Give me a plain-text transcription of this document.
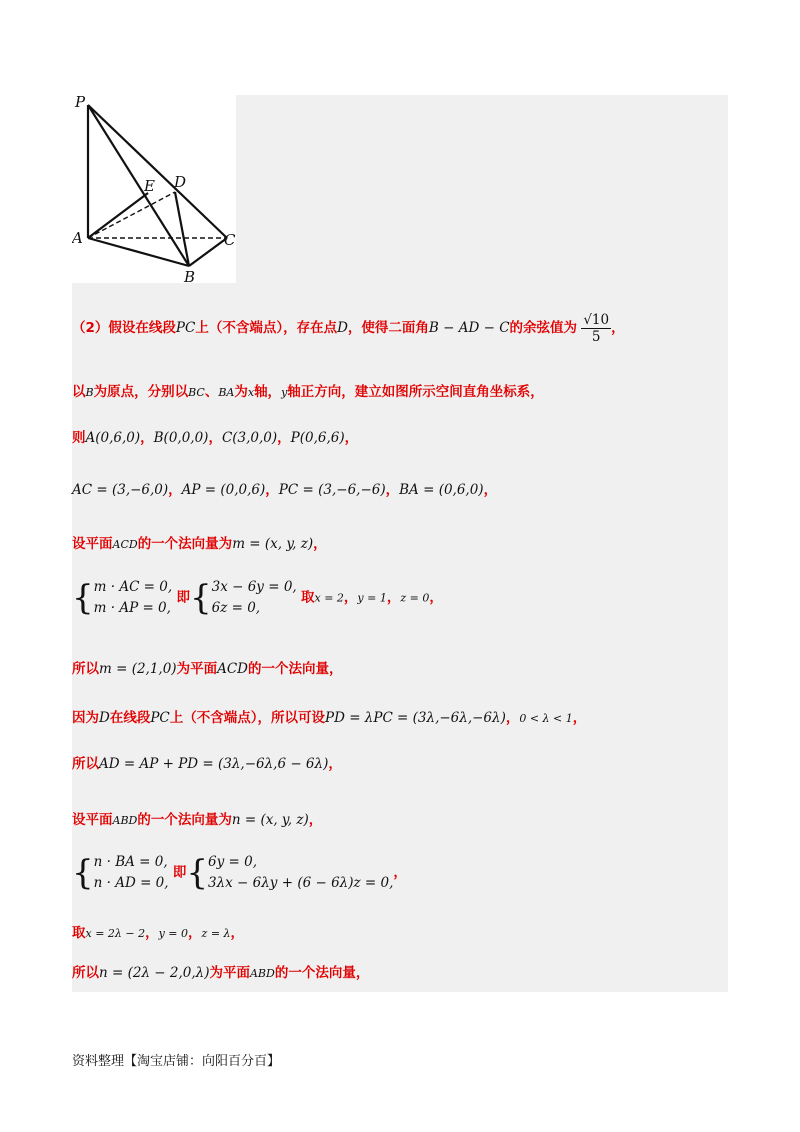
P
A
B
C
D
E
（2）假设在线段PC上（不含端点），存在点D，使得二面角B − AD − C的余弦值为 $\frac{√10}{5}$ ，
以B为原点，分别以BC、BA为x轴，y轴正方向，建立如图所示空间直角坐标系，
则A(0,6,0)，B(0,0,0)，C(3,0,0)，P(0,6,6)，
AC = (3,−6,0)，AP = (0,0,6)，PC = (3,−6,−6)，BA = (0,6,0)，
设平面ACD的一个法向量为m = (x, y, z)，
{ m · AC = 0,
m · AP = 0,
即{ 3x − 6y = 0,
6z = 0,
取x = 2，y = 1，z = 0，
所以m = (2,1,0)为平面ACD的一个法向量，
因为D在线段PC上（不含端点），所以可设PD = λPC = (3λ,−6λ,−6λ)，0 < λ < 1，
所以AD = AP + PD = (3λ,−6λ,6 − 6λ)，
设平面ABD的一个法向量为n = (x, y, z)，
{ n · BA = 0,
n · AD = 0,
即{ 6y = 0,
3λx − 6λy + (6 − 6λ)z = 0,
，
取x = 2λ − 2，y = 0，z = λ，
所以n = (2λ − 2,0,λ)为平面ABD的一个法向量，
资料整理【淘宝店铺：向阳百分百】
